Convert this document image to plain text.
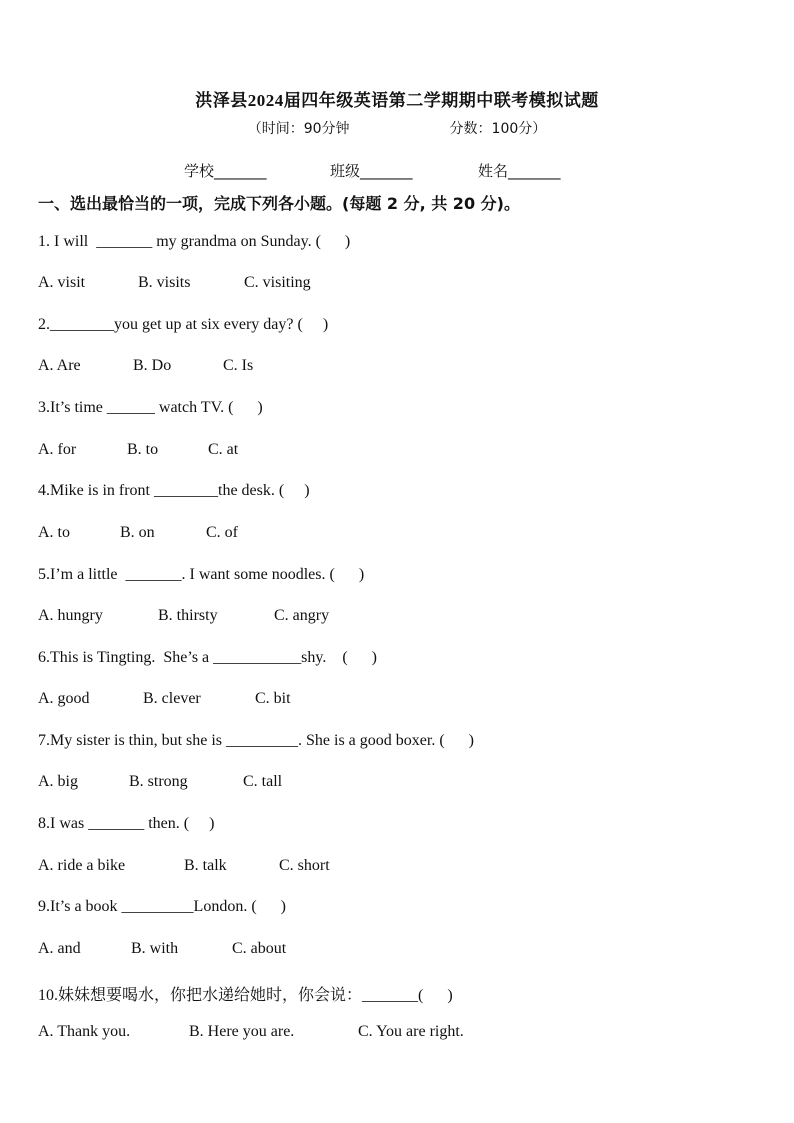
洪泽县2024届四年级英语第二学期期中联考模拟试题
（时间：90分钟	分数：100分）
学校_______	班级_______	姓名_______
一、选出最恰当的一项，完成下列各小题。(每题 2 分, 共 20 分)。
1. I will  _______ my grandma on Sunday. (      )
A. visit	B. visits	C. visiting
2.________you get up at six every day? (     )
A. Are	B. Do	C. Is
3.It’s time ______ watch TV. (      )
A. for	B. to	C. at
4.Mike is in front ________the desk. (     )
A. to	B. on	C. of
5.I’m a little  _______. I want some noodles. (      )
A. hungry	B. thirsty	C. angry
6.This is Tingting.  She’s a ___________shy.    (      )
A. good	B. clever	C. bit
7.My sister is thin, but she is _________. She is a good boxer. (      )
A. big	B. strong	C. tall
8.I was _______ then. (     )
A. ride a bike	B. talk	C. short
9.It’s a book _________London. (      )
A. and	B. with	C. about
10.妹妹想要喝水，你把水递给她时，你会说：_______(      )
A. Thank you.	B. Here you are.	C. You are right.
